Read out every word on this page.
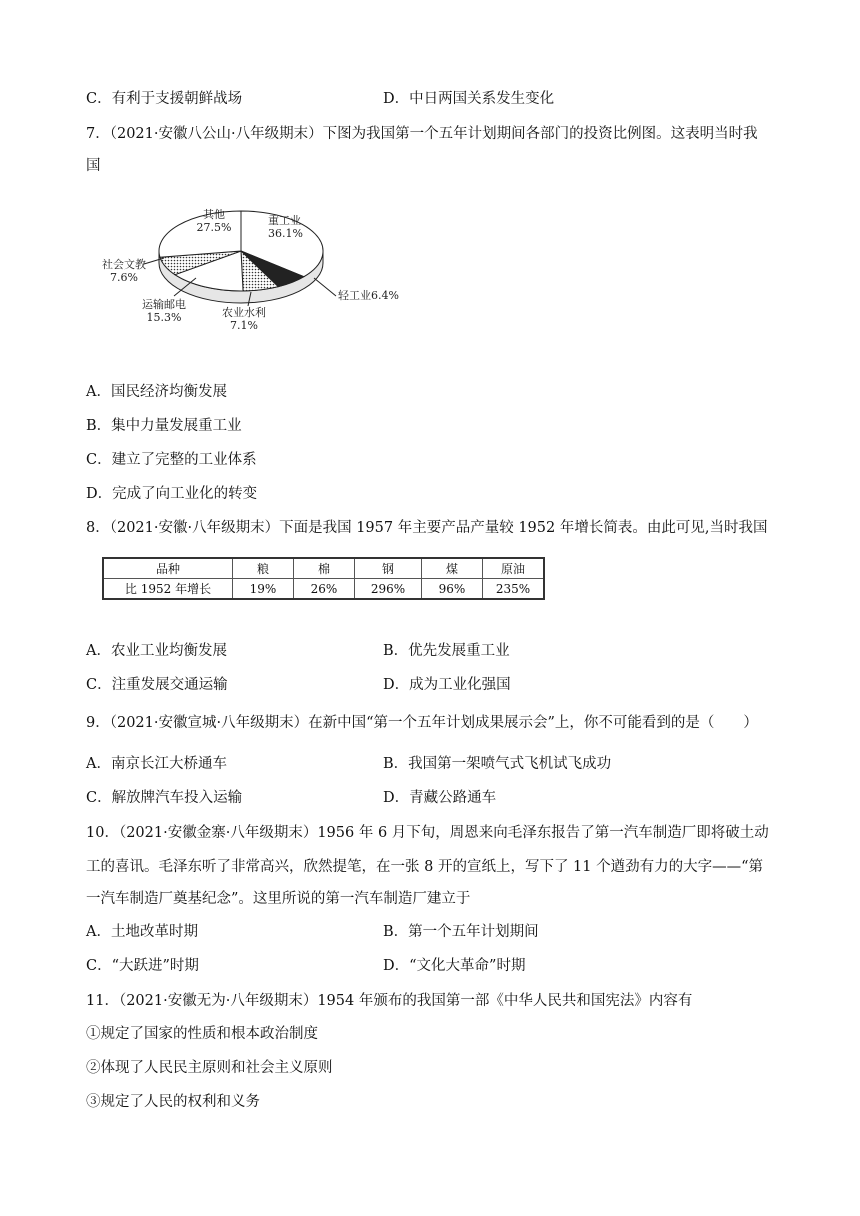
C．有利于支援朝鲜战场	D．中日两国关系发生变化
7．（2021·安徽八公山·八年级期末）下图为我国第一个五年计划期间各部门的投资比例图。这表明当时我
国
重工业 36.1%
轻工业6.4%
农业水利 7.1%
运输邮电 15.3%
社会文教 7.6%
其他 27.5%
A．国民经济均衡发展
B．集中力量发展重工业
C．建立了完整的工业体系
D．完成了向工业化的转变
8．（2021·安徽·八年级期末）下面是我国 1957 年主要产品产量较 1952 年增长简表。由此可见,当时我国
品种	粮	棉	钢	煤	原油
比 1952 年增长	19%	26%	296%	96%	235%
A．农业工业均衡发展	B．优先发展重工业
C．注重发展交通运输	D．成为工业化强国
9．（2021·安徽宣城·八年级期末）在新中国“第一个五年计划成果展示会”上，你不可能看到的是（　　）
A．南京长江大桥通车	B．我国第一架喷气式飞机试飞成功
C．解放牌汽车投入运输	D．青藏公路通车
10．（2021·安徽金寨·八年级期末）1956 年 6 月下旬，周恩来向毛泽东报告了第一汽车制造厂即将破土动
工的喜讯。毛泽东听了非常高兴，欣然提笔，在一张 8 开的宣纸上，写下了 11 个遒劲有力的大字——“第
一汽车制造厂奠基纪念”。这里所说的第一汽车制造厂建立于
A．土地改革时期	B．第一个五年计划期间
C．“大跃进”时期	D．“文化大革命”时期
11．（2021·安徽无为·八年级期末）1954 年颁布的我国第一部《中华人民共和国宪法》内容有
①规定了国家的性质和根本政治制度
②体现了人民民主原则和社会主义原则
③规定了人民的权利和义务
